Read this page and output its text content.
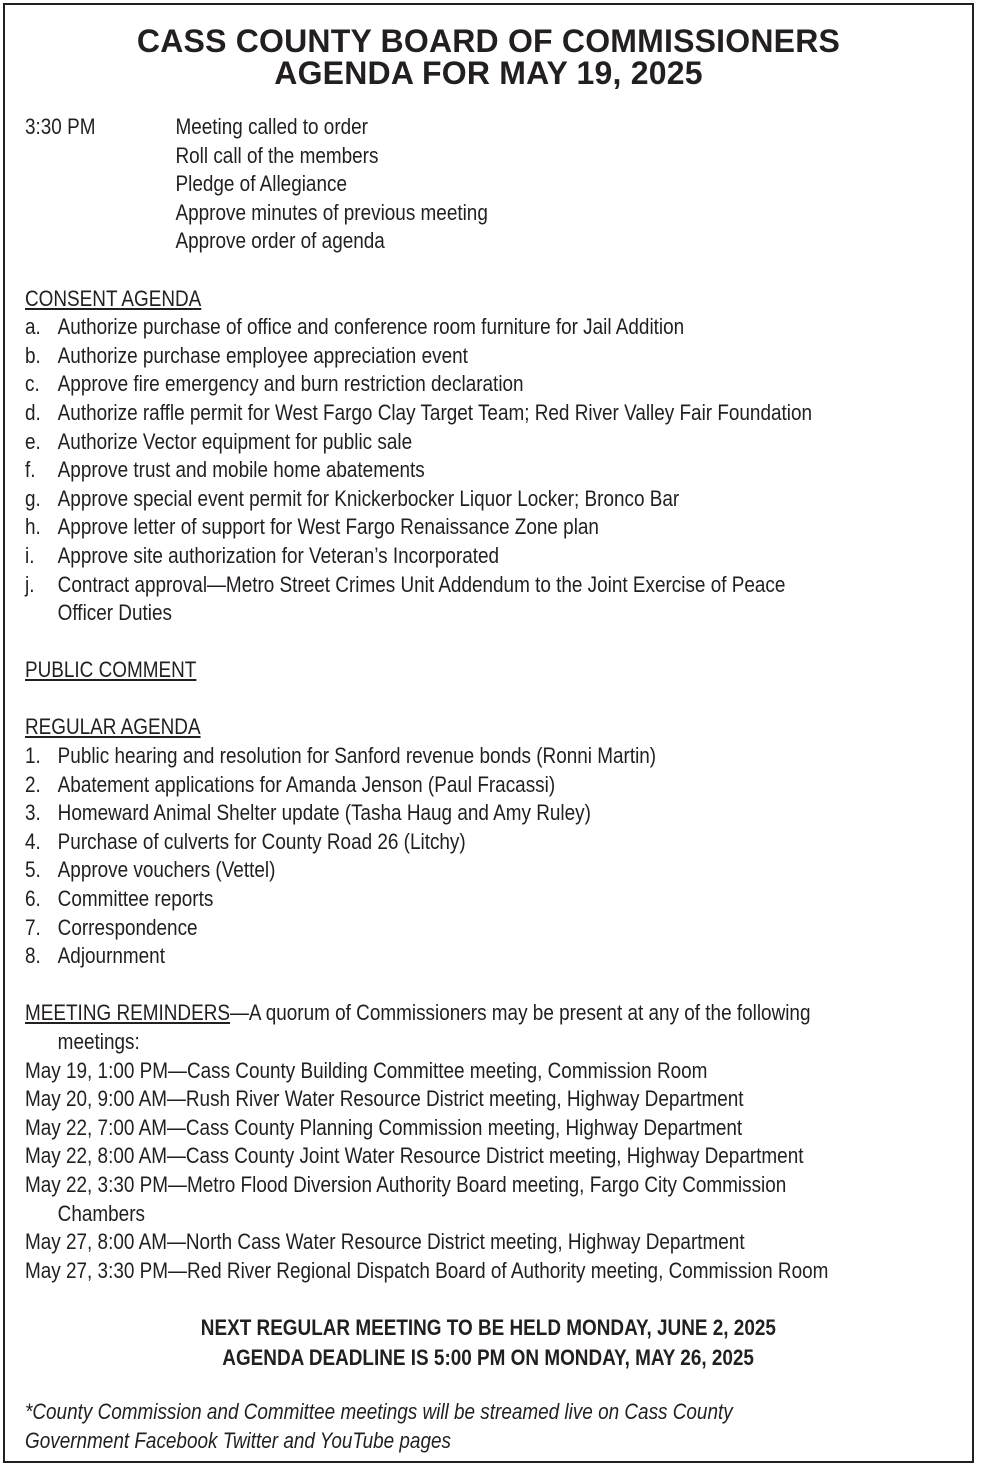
CASS COUNTY BOARD OF COMMISSIONERS
AGENDA FOR MAY 19, 2025
3:30 PM	Meeting called to order
Roll call of the members
Pledge of Allegiance
Approve minutes of previous meeting
Approve order of agenda
CONSENT AGENDA
a. Authorize purchase of office and conference room furniture for Jail Addition
b. Authorize purchase employee appreciation event
c. Approve fire emergency and burn restriction declaration
d. Authorize raffle permit for West Fargo Clay Target Team; Red River Valley Fair Foundation
e. Authorize Vector equipment for public sale
f. Approve trust and mobile home abatements
g. Approve special event permit for Knickerbocker Liquor Locker; Bronco Bar
h. Approve letter of support for West Fargo Renaissance Zone plan
i. Approve site authorization for Veteran’s Incorporated
j. Contract approval—Metro Street Crimes Unit Addendum to the Joint Exercise of Peace
Officer Duties
PUBLIC COMMENT
REGULAR AGENDA
1. Public hearing and resolution for Sanford revenue bonds (Ronni Martin)
2. Abatement applications for Amanda Jenson (Paul Fracassi)
3. Homeward Animal Shelter update (Tasha Haug and Amy Ruley)
4. Purchase of culverts for County Road 26 (Litchy)
5. Approve vouchers (Vettel)
6. Committee reports
7. Correspondence
8. Adjournment
MEETING REMINDERS—A quorum of Commissioners may be present at any of the following
meetings:
May 19, 1:00 PM—Cass County Building Committee meeting, Commission Room
May 20, 9:00 AM—Rush River Water Resource District meeting, Highway Department
May 22, 7:00 AM—Cass County Planning Commission meeting, Highway Department
May 22, 8:00 AM—Cass County Joint Water Resource District meeting, Highway Department
May 22, 3:30 PM—Metro Flood Diversion Authority Board meeting, Fargo City Commission
Chambers
May 27, 8:00 AM—North Cass Water Resource District meeting, Highway Department
May 27, 3:30 PM—Red River Regional Dispatch Board of Authority meeting, Commission Room
NEXT REGULAR MEETING TO BE HELD MONDAY, JUNE 2, 2025
AGENDA DEADLINE IS 5:00 PM ON MONDAY, MAY 26, 2025
*County Commission and Committee meetings will be streamed live on Cass County
Government Facebook Twitter and YouTube pages
